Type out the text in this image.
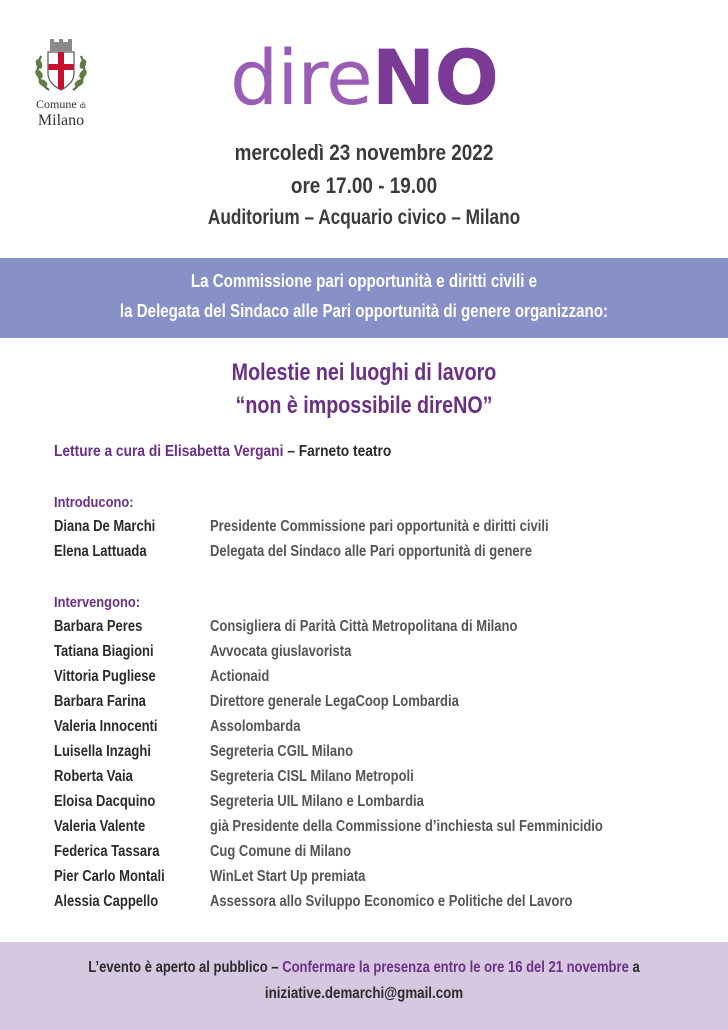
Comune di
Milano	direNO
mercoledì 23 novembre 2022
ore 17.00 - 19.00
Auditorium – Acquario civico – Milano
La Commissione pari opportunità e diritti civili e
la Delegata del Sindaco alle Pari opportunità di genere organizzano:
Molestie nei luoghi di lavoro
“non è impossibile direNO”
Letture a cura di Elisabetta Vergani – Farneto teatro
Introducono:
Diana De Marchi	Presidente Commissione pari opportunità e diritti civili
Elena Lattuada	Delegata del Sindaco alle Pari opportunità di genere
Intervengono:
Barbara Peres	Consigliera di Parità Città Metropolitana di Milano
Tatiana Biagioni	Avvocata giuslavorista
Vittoria Pugliese	Actionaid
Barbara Farina	Direttore generale LegaCoop Lombardia
Valeria Innocenti	Assolombarda
Luisella Inzaghi	Segreteria CGIL Milano
Roberta Vaia	Segreteria CISL Milano Metropoli
Eloisa Dacquino	Segreteria UIL Milano e Lombardia
Valeria Valente	già Presidente della Commissione d’inchiesta sul Femminicidio
Federica Tassara	Cug Comune di Milano
Pier Carlo Montali	WinLet Start Up premiata
Alessia Cappello	Assessora allo Sviluppo Economico e Politiche del Lavoro
L’evento è aperto al pubblico – Confermare la presenza entro le ore 16 del 21 novembre a
iniziative.demarchi@gmail.com
